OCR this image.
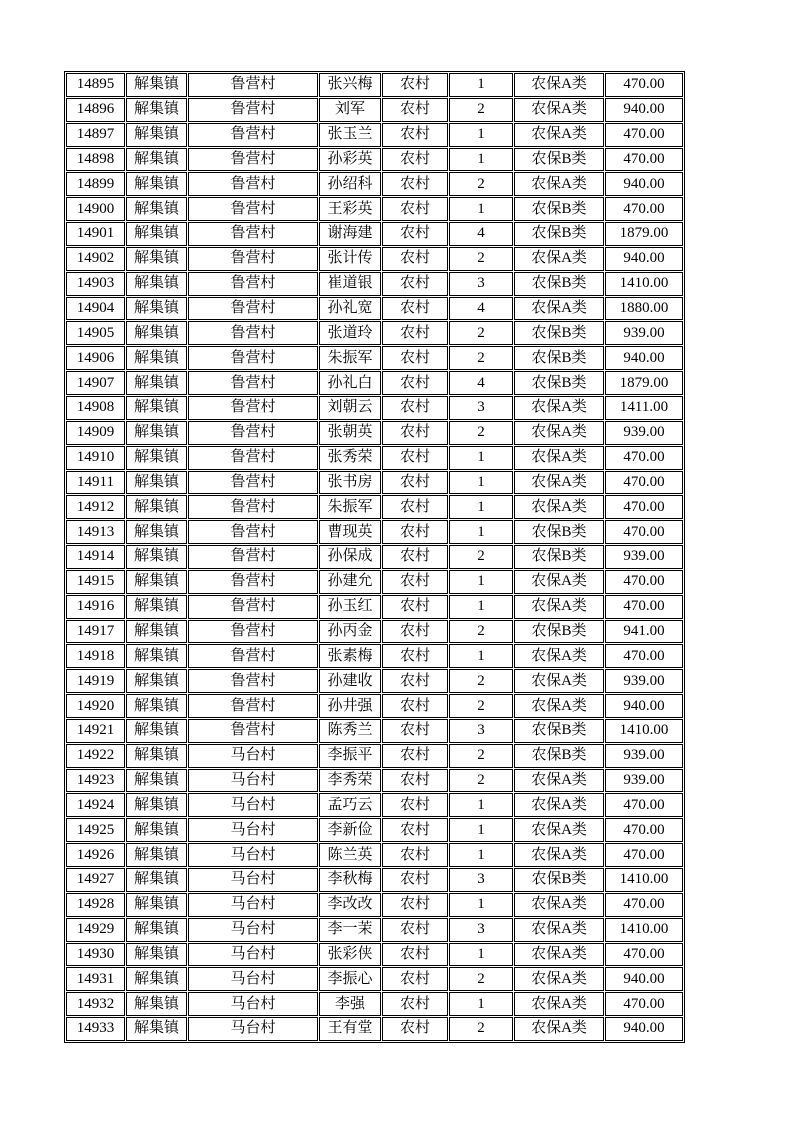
14895	解集镇	鲁营村	张兴梅	农村	1	农保A类	470.00
14896	解集镇	鲁营村	刘军	农村	2	农保A类	940.00
14897	解集镇	鲁营村	张玉兰	农村	1	农保A类	470.00
14898	解集镇	鲁营村	孙彩英	农村	1	农保B类	470.00
14899	解集镇	鲁营村	孙绍科	农村	2	农保A类	940.00
14900	解集镇	鲁营村	王彩英	农村	1	农保B类	470.00
14901	解集镇	鲁营村	谢海建	农村	4	农保B类	1879.00
14902	解集镇	鲁营村	张计传	农村	2	农保A类	940.00
14903	解集镇	鲁营村	崔道银	农村	3	农保B类	1410.00
14904	解集镇	鲁营村	孙礼宽	农村	4	农保A类	1880.00
14905	解集镇	鲁营村	张道玲	农村	2	农保B类	939.00
14906	解集镇	鲁营村	朱振军	农村	2	农保B类	940.00
14907	解集镇	鲁营村	孙礼白	农村	4	农保B类	1879.00
14908	解集镇	鲁营村	刘朝云	农村	3	农保A类	1411.00
14909	解集镇	鲁营村	张朝英	农村	2	农保A类	939.00
14910	解集镇	鲁营村	张秀荣	农村	1	农保A类	470.00
14911	解集镇	鲁营村	张书房	农村	1	农保A类	470.00
14912	解集镇	鲁营村	朱振军	农村	1	农保A类	470.00
14913	解集镇	鲁营村	曹现英	农村	1	农保B类	470.00
14914	解集镇	鲁营村	孙保成	农村	2	农保B类	939.00
14915	解集镇	鲁营村	孙建允	农村	1	农保A类	470.00
14916	解集镇	鲁营村	孙玉红	农村	1	农保A类	470.00
14917	解集镇	鲁营村	孙丙金	农村	2	农保B类	941.00
14918	解集镇	鲁营村	张素梅	农村	1	农保A类	470.00
14919	解集镇	鲁营村	孙建收	农村	2	农保A类	939.00
14920	解集镇	鲁营村	孙井强	农村	2	农保A类	940.00
14921	解集镇	鲁营村	陈秀兰	农村	3	农保B类	1410.00
14922	解集镇	马台村	李振平	农村	2	农保B类	939.00
14923	解集镇	马台村	李秀荣	农村	2	农保A类	939.00
14924	解集镇	马台村	孟巧云	农村	1	农保A类	470.00
14925	解集镇	马台村	李新俭	农村	1	农保A类	470.00
14926	解集镇	马台村	陈兰英	农村	1	农保A类	470.00
14927	解集镇	马台村	李秋梅	农村	3	农保B类	1410.00
14928	解集镇	马台村	李改改	农村	1	农保A类	470.00
14929	解集镇	马台村	李一茉	农村	3	农保A类	1410.00
14930	解集镇	马台村	张彩侠	农村	1	农保A类	470.00
14931	解集镇	马台村	李振心	农村	2	农保A类	940.00
14932	解集镇	马台村	李强	农村	1	农保A类	470.00
14933	解集镇	马台村	王有堂	农村	2	农保A类	940.00
